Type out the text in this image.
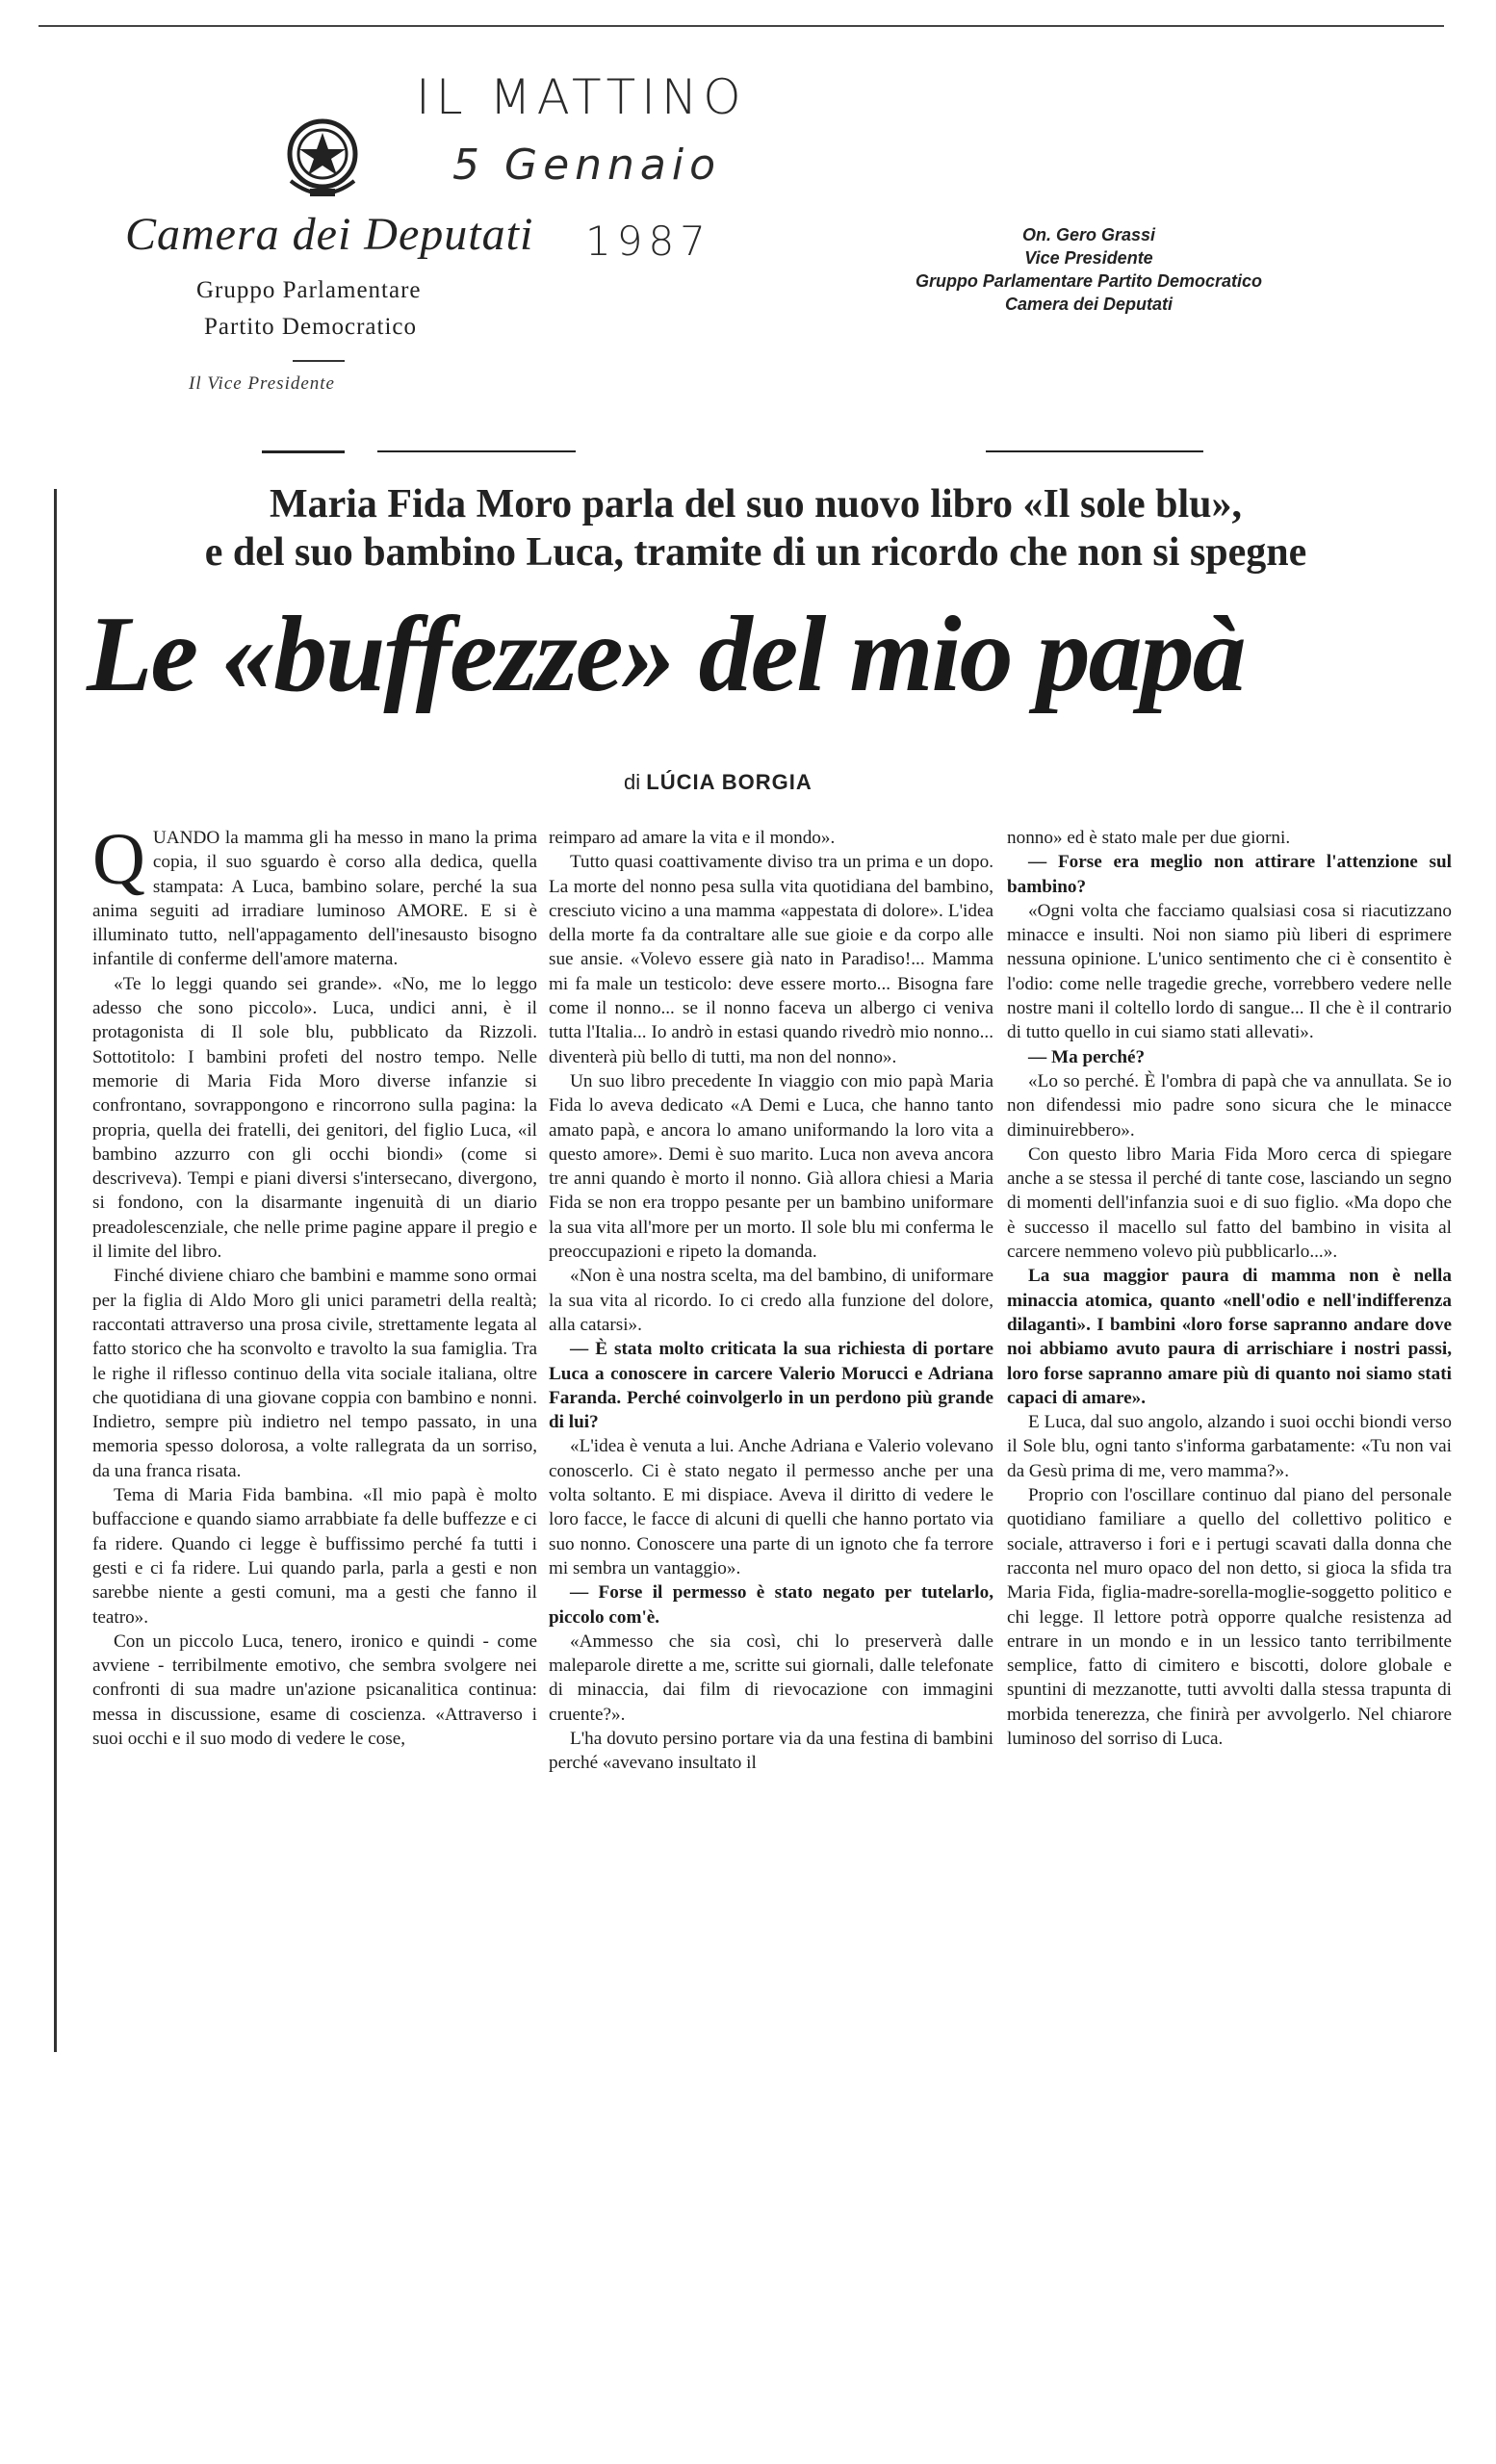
IL MATTINO
5 Gennaio
1987
Camera dei Deputati
Gruppo Parlamentare
Partito Democratico
Il Vice Presidente
On. Gero Grassi
Vice Presidente
Gruppo Parlamentare Partito Democratico
Camera dei Deputati
Maria Fida Moro parla del suo nuovo libro «Il sole blu»,
e del suo bambino Luca, tramite di un ricordo che non si spegne
Le «buffezze» del mio papà
di LÚCIA BORGIA

QUANDO la mamma gli ha messo in mano la prima copia, il suo sguardo è corso alla dedica, quella stampata: A Luca, bambino solare, perché la sua anima seguiti ad irradiare luminoso AMORE. E si è illuminato tutto, nell'appagamento dell'inesausto bisogno infantile di conferme dell'amore materna.

«Te lo leggi quando sei grande». «No, me lo leggo adesso che sono piccolo». Luca, undici anni, è il protagonista di Il sole blu, pubblicato da Rizzoli. Sottotitolo: I bambini profeti del nostro tempo. Nelle memorie di Maria Fida Moro diverse infanzie si confrontano, sovrappongono e rincorrono sulla pagina: la propria, quella dei fratelli, dei genitori, del figlio Luca, «il bambino azzurro con gli occhi biondi» (come si descriveva). Tempi e piani diversi s'intersecano, divergono, si fondono, con la disarmante ingenuità di un diario preadolescenziale, che nelle prime pagine appare il pregio e il limite del libro.

Finché diviene chiaro che bambini e mamme sono ormai per la figlia di Aldo Moro gli unici parametri della realtà; raccontati attraverso una prosa civile, strettamente legata al fatto storico che ha sconvolto e travolto la sua famiglia. Tra le righe il riflesso continuo della vita sociale italiana, oltre che quotidiana di una giovane coppia con bambino e nonni. Indietro, sempre più indietro nel tempo passato, in una memoria spesso dolorosa, a volte rallegrata da un sorriso, da una franca risata.

Tema di Maria Fida bambina. «Il mio papà è molto buffaccione e quando siamo arrabbiate fa delle buffezze e ci fa ridere. Quando ci legge è buffissimo perché fa tutti i gesti e ci fa ridere. Lui quando parla, parla a gesti e non sarebbe niente a gesti comuni, ma a gesti che fanno il teatro».

Con un piccolo Luca, tenero, ironico e quindi - come avviene - terribilmente emotivo, che sembra svolgere nei confronti di sua madre un'azione psicanalitica continua: messa in discussione, esame di coscienza. «Attraverso i suoi occhi e il suo modo di vedere le cose,

reimparo ad amare la vita e il mondo».

Tutto quasi coattivamente diviso tra un prima e un dopo. La morte del nonno pesa sulla vita quotidiana del bambino, cresciuto vicino a una mamma «appestata di dolore». L'idea della morte fa da contraltare alle sue gioie e da corpo alle sue ansie. «Volevo essere già nato in Paradiso!... Mamma mi fa male un testicolo: deve essere morto... Bisogna fare come il nonno... se il nonno faceva un albergo ci veniva tutta l'Italia... Io andrò in estasi quando rivedrò mio nonno... diventerà più bello di tutti, ma non del nonno».

Un suo libro precedente In viaggio con mio papà Maria Fida lo aveva dedicato «A Demi e Luca, che hanno tanto amato papà, e ancora lo amano uniformando la loro vita a questo amore». Demi è suo marito. Luca non aveva ancora tre anni quando è morto il nonno. Già allora chiesi a Maria Fida se non era troppo pesante per un bambino uniformare la sua vita all'more per un morto. Il sole blu mi conferma le preoccupazioni e ripeto la domanda.

«Non è una nostra scelta, ma del bambino, di uniformare la sua vita al ricordo. Io ci credo alla funzione del dolore, alla catarsi».

— È stata molto criticata la sua richiesta di portare Luca a conoscere in carcere Valerio Morucci e Adriana Faranda. Perché coinvolgerlo in un perdono più grande di lui?

«L'idea è venuta a lui. Anche Adriana e Valerio volevano conoscerlo. Ci è stato negato il permesso anche per una volta soltanto. E mi dispiace. Aveva il diritto di vedere le loro facce, le facce di alcuni di quelli che hanno portato via suo nonno. Conoscere una parte di un ignoto che fa terrore mi sembra un vantaggio».

— Forse il permesso è stato negato per tutelarlo, piccolo com'è.

«Ammesso che sia così, chi lo preserverà dalle maleparole dirette a me, scritte sui giornali, dalle telefonate di minaccia, dai film di rievocazione con immagini cruente?».

L'ha dovuto persino portare via da una festina di bambini perché «avevano insultato il

nonno» ed è stato male per due giorni.

— Forse era meglio non attirare l'attenzione sul bambino?

«Ogni volta che facciamo qualsiasi cosa si riacutizzano minacce e insulti. Noi non siamo più liberi di esprimere nessuna opinione. L'unico sentimento che ci è consentito è l'odio: come nelle tragedie greche, vorrebbero vedere nelle nostre mani il coltello lordo di sangue... Il che è il contrario di tutto quello in cui siamo stati allevati».

— Ma perché?

«Lo so perché. È l'ombra di papà che va annullata. Se io non difendessi mio padre sono sicura che le minacce diminuirebbero».

Con questo libro Maria Fida Moro cerca di spiegare anche a se stessa il perché di tante cose, lasciando un segno di momenti dell'infanzia suoi e di suo figlio. «Ma dopo che è successo il macello sul fatto del bambino in visita al carcere nemmeno volevo più pubblicarlo...».

La sua maggior paura di mamma non è nella minaccia atomica, quanto «nell'odio e nell'indifferenza dilaganti». I bambini «loro forse sapranno andare dove noi abbiamo avuto paura di arrischiare i nostri passi, loro forse sapranno amare più di quanto noi siamo stati capaci di amare».

E Luca, dal suo angolo, alzando i suoi occhi biondi verso il Sole blu, ogni tanto s'informa garbatamente: «Tu non vai da Gesù prima di me, vero mamma?».

Proprio con l'oscillare continuo dal piano del personale quotidiano familiare a quello del collettivo politico e sociale, attraverso i fori e i pertugi scavati dalla donna che racconta nel muro opaco del non detto, si gioca la sfida tra Maria Fida, figlia-madre-sorella-moglie-soggetto politico e chi legge. Il lettore potrà opporre qualche resistenza ad entrare in un mondo e in un lessico tanto terribilmente semplice, fatto di cimitero e biscotti, dolore globale e spuntini di mezzanotte, tutti avvolti dalla stessa trapunta di morbida tenerezza, che finirà per avvolgerlo. Nel chiarore luminoso del sorriso di Luca.
